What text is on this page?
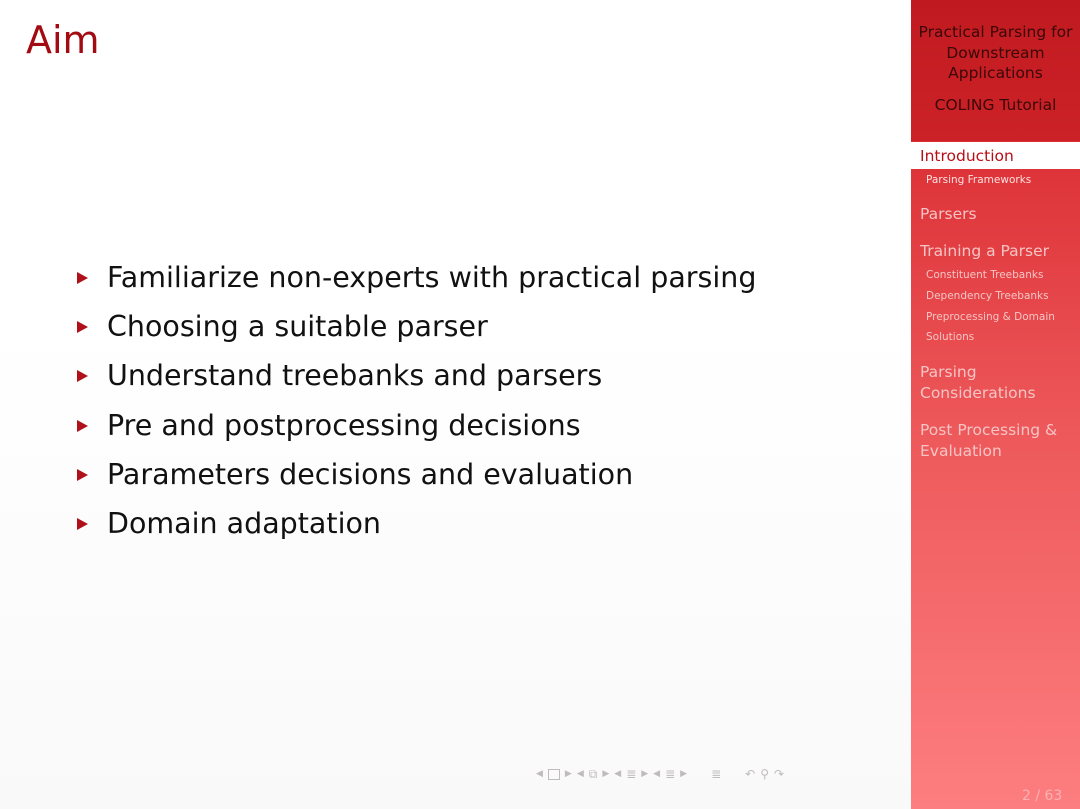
Aim
Familiarize non-experts with practical parsing
Choosing a suitable parser
Understand treebanks and parsers
Pre and postprocessing decisions
Parameters decisions and evaluation
Domain adaptation
◀ ▶ ◀ ⧉ ▶ ◀ ≣ ▶ ◀ ≣ ▶ ≣ ↶ ⚲ ↷
Practical Parsing for
Downstream
Applications
COLING Tutorial
Introduction
Parsing Frameworks
Parsers
Training a Parser
Constituent Treebanks
Dependency Treebanks
Preprocessing & Domain
Solutions
Parsing
Considerations
Post Processing &
Evaluation
2 / 63
